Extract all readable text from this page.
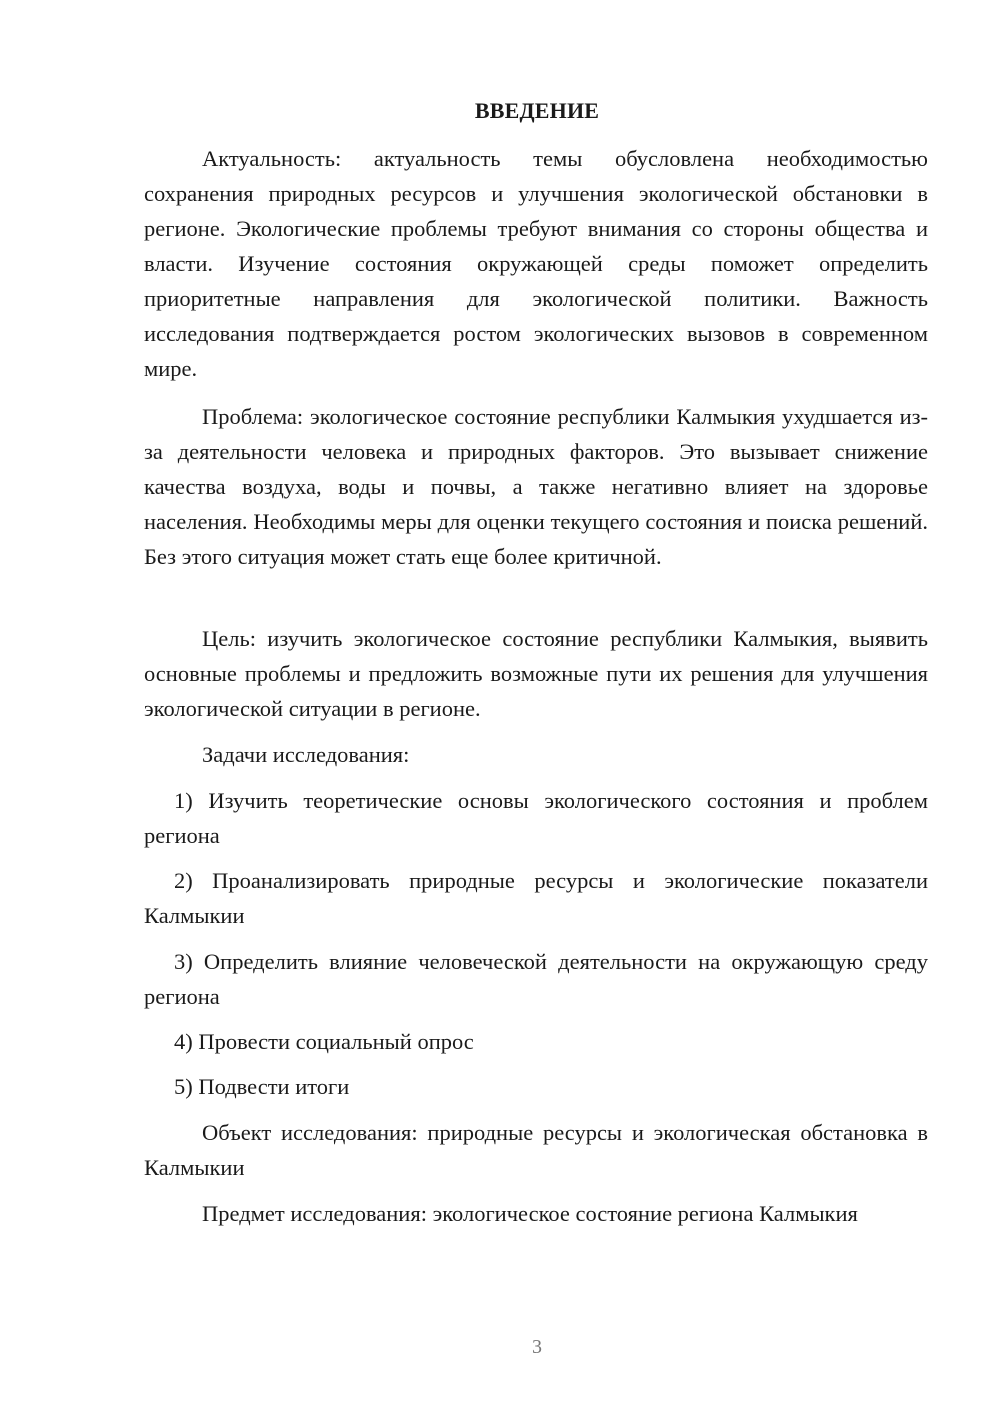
ВВЕДЕНИЕ

Актуальность: актуальность темы обусловлена необходимостью сохранения природных ресурсов и улучшения экологической обстановки в регионе. Экологические проблемы требуют внимания со стороны общества и власти. Изучение состояния окружающей среды поможет определить приоритетные направления для экологической политики. Важность исследования подтверждается ростом экологических вызовов в современном мире.

Проблема: экологическое состояние республики Калмыкия ухудшается из-за деятельности человека и природных факторов. Это вызывает снижение качества воздуха, воды и почвы, а также негативно влияет на здоровье населения. Необходимы меры для оценки текущего состояния и поиска решений. Без этого ситуация может стать еще более критичной.

Цель: изучить экологическое состояние республики Калмыкия, выявить основные проблемы и предложить возможные пути их решения для улучшения экологической ситуации в регионе.

Задачи исследования:

1) Изучить теоретические основы экологического состояния и проблем региона

2) Проанализировать природные ресурсы и экологические показатели Калмыкии

3) Определить влияние человеческой деятельности на окружающую среду региона

4) Провести социальный опрос

5) Подвести итоги

Объект исследования: природные ресурсы и экологическая обстановка в Калмыкии

Предмет исследования: экологическое состояние региона Калмыкия

3
